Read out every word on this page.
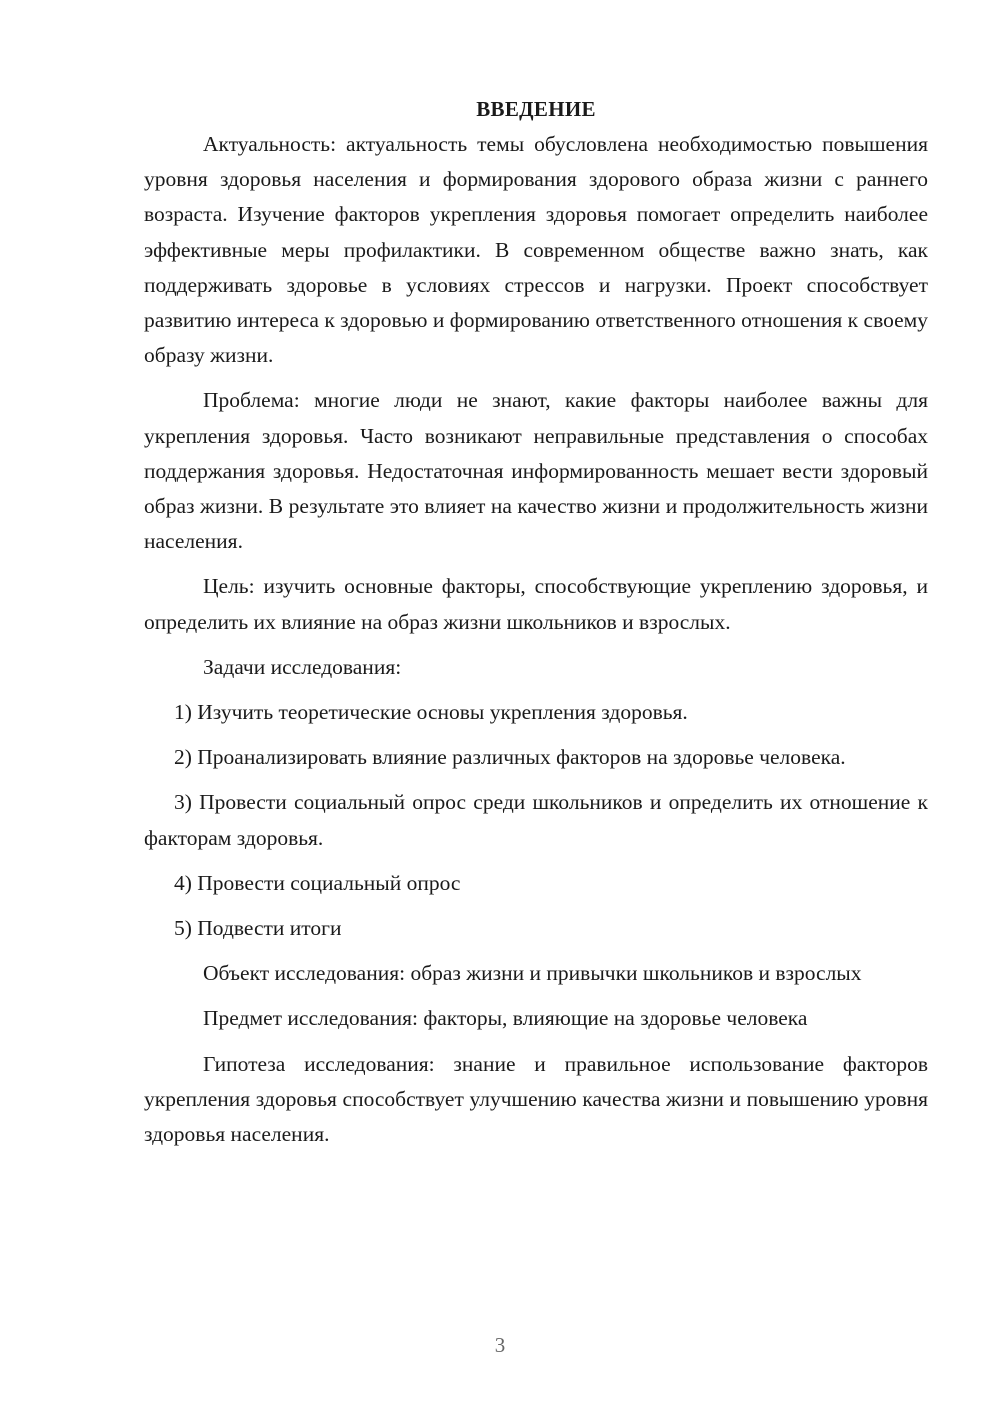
ВВЕДЕНИЕ

Актуальность: актуальность темы обусловлена необходимостью повышения уровня здоровья населения и формирования здорового образа жизни с раннего возраста. Изучение факторов укрепления здоровья помогает определить наиболее эффективные меры профилактики. В современном обществе важно знать, как поддерживать здоровье в условиях стрессов и нагрузки. Проект способствует развитию интереса к здоровью и формированию ответственного отношения к своему образу жизни.

Проблема: многие люди не знают, какие факторы наиболее важны для укрепления здоровья. Часто возникают неправильные представления о способах поддержания здоровья. Недостаточная информированность мешает вести здоровый образ жизни. В результате это влияет на качество жизни и продолжительность жизни населения.

Цель: изучить основные факторы, способствующие укреплению здоровья, и определить их влияние на образ жизни школьников и взрослых.

Задачи исследования:

1) Изучить теоретические основы укрепления здоровья.

2) Проанализировать влияние различных факторов на здоровье человека.

3) Провести социальный опрос среди школьников и определить их отношение к факторам здоровья.

4) Провести социальный опрос

5) Подвести итоги

Объект исследования: образ жизни и привычки школьников и взрослых

Предмет исследования: факторы, влияющие на здоровье человека

Гипотеза исследования: знание и правильное использование факторов укрепления здоровья способствует улучшению качества жизни и повышению уровня здоровья населения.

3
